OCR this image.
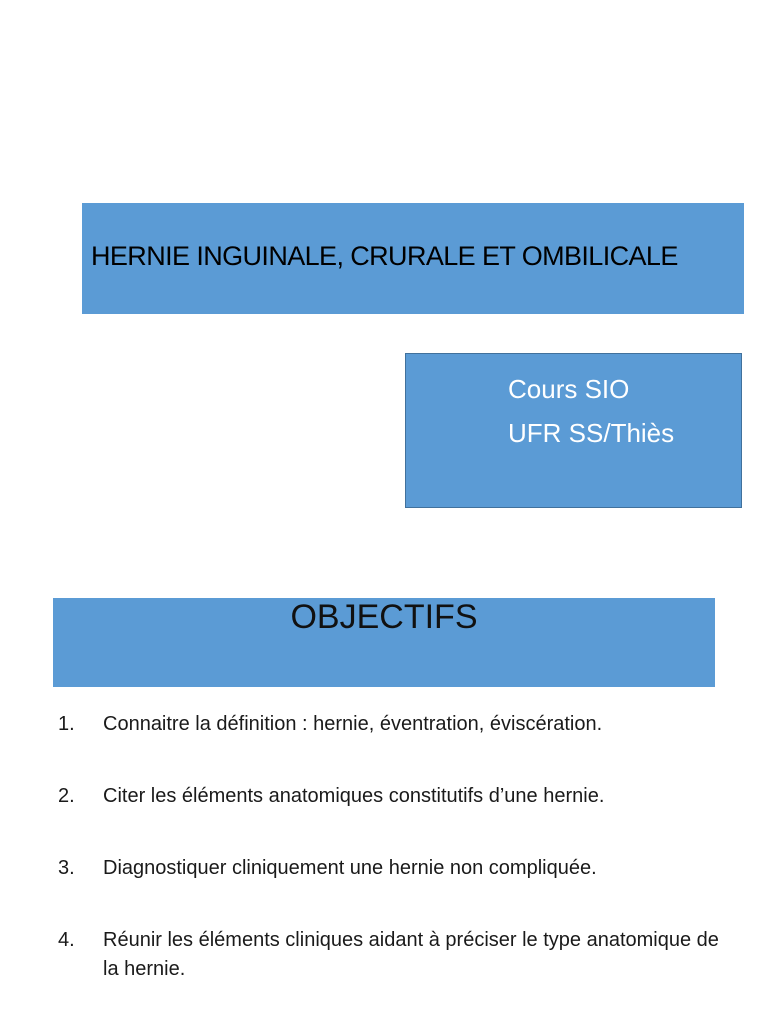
HERNIE INGUINALE, CRURALE ET OMBILICALE
Cours SIO
UFR SS/Thiès
OBJECTIFS
1.	Connaitre la définition : hernie, éventration, éviscération.
2.	Citer les éléments anatomiques constitutifs d’une hernie.
3.	Diagnostiquer cliniquement une hernie non compliquée.
4.	Réunir les éléments cliniques aidant à préciser le type anatomique de la hernie.
